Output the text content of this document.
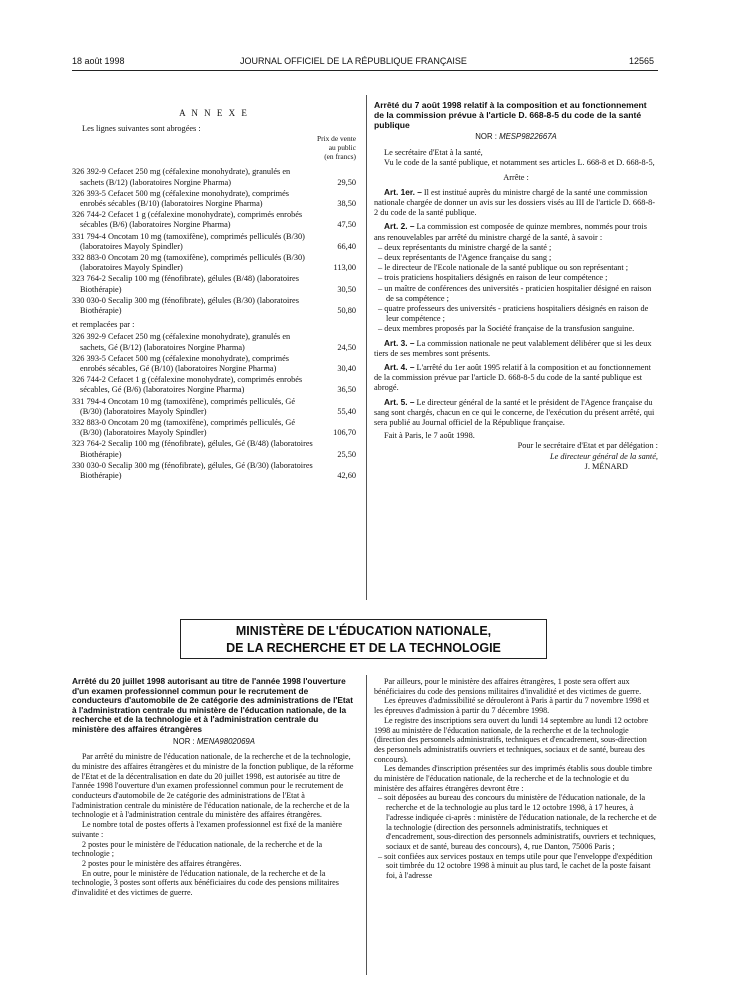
18 août 1998	JOURNAL OFFICIEL DE LA RÉPUBLIQUE FRANÇAISE	12565
A N N E X E

Les lignes suivantes sont abrogées :

Prix de vente
au public
(en francs)
326 392-9 Cefacet 250 mg (céfalexine monohydrate), granulés en sachets (B/12) (laboratoires Norgine Pharma)	29,50
326 393-5 Cefacet 500 mg (céfalexine monohydrate), comprimés enrobés sécables (B/10) (laboratoires Norgine Pharma)	38,50
326 744-2 Cefacet 1 g (céfalexine monohydrate), comprimés enrobés sécables (B/6) (laboratoires Norgine Pharma)	47,50
331 794-4 Oncotam 10 mg (tamoxifène), comprimés pelliculés (B/30) (laboratoires Mayoly Spindler)	66,40
332 883-0 Oncotam 20 mg (tamoxifène), comprimés pelliculés (B/30) (laboratoires Mayoly Spindler)	113,00
323 764-2 Secalip 100 mg (fénofibrate), gélules (B/48) (laboratoires Biothérapie)	30,50
330 030-0 Secalip 300 mg (fénofibrate), gélules (B/30) (laboratoires Biothérapie)	50,80

et remplacées par :

326 392-9 Cefacet 250 mg (céfalexine monohydrate), granulés en sachets, Gé (B/12) (laboratoires Norgine Pharma)	24,50
326 393-5 Cefacet 500 mg (céfalexine monohydrate), comprimés enrobés sécables, Gé (B/10) (laboratoires Norgine Pharma)	30,40
326 744-2 Cefacet 1 g (céfalexine monohydrate), comprimés enrobés sécables, Gé (B/6) (laboratoires Norgine Pharma)	36,50
331 794-4 Oncotam 10 mg (tamoxifène), comprimés pelliculés, Gé (B/30) (laboratoires Mayoly Spindler)	55,40
332 883-0 Oncotam 20 mg (tamoxifène), comprimés pelliculés, Gé (B/30) (laboratoires Mayoly Spindler)	106,70
323 764-2 Secalip 100 mg (fénofibrate), gélules, Gé (B/48) (laboratoires Biothérapie)	25,50
330 030-0 Secalip 300 mg (fénofibrate), gélules, Gé (B/30) (laboratoires Biothérapie)	42,60

Arrêté du 7 août 1998 relatif à la composition et au fonctionnement de la commission prévue à l'article D. 668-8-5 du code de la santé publique

NOR : MESP9822667A

Le secrétaire d'Etat à la santé,

Vu le code de la santé publique, et notamment ses articles L. 668-8 et D. 668-8-5,

Arrête :

Art. 1er. – Il est institué auprès du ministre chargé de la santé une commission nationale chargée de donner un avis sur les dossiers visés au III de l'article D. 668-8-2 du code de la santé publique.

Art. 2. – La commission est composée de quinze membres, nommés pour trois ans renouvelables par arrêté du ministre chargé de la santé, à savoir :

– deux représentants du ministre chargé de la santé ;

– deux représentants de l'Agence française du sang ;

– le directeur de l'Ecole nationale de la santé publique ou son représentant ;

– trois praticiens hospitaliers désignés en raison de leur compétence ;

– un maître de conférences des universités - praticien hospitalier désigné en raison de sa compétence ;

– quatre professeurs des universités - praticiens hospitaliers désignés en raison de leur compétence ;

– deux membres proposés par la Société française de la transfusion sanguine.

Art. 3. – La commission nationale ne peut valablement délibérer que si les deux tiers de ses membres sont présents.

Art. 4. – L'arrêté du 1er août 1995 relatif à la composition et au fonctionnement de la commission prévue par l'article D. 668-8-5 du code de la santé publique est abrogé.

Art. 5. – Le directeur général de la santé et le président de l'Agence française du sang sont chargés, chacun en ce qui le concerne, de l'exécution du présent arrêté, qui sera publié au Journal officiel de la République française.

Fait à Paris, le 7 août 1998.

Pour le secrétaire d'Etat et par délégation :

Le directeur général de la santé,

J. MÉNARD

MINISTÈRE DE L'ÉDUCATION NATIONALE,
DE LA RECHERCHE ET DE LA TECHNOLOGIE

Arrêté du 20 juillet 1998 autorisant au titre de l'année 1998 l'ouverture d'un examen professionnel commun pour le recrutement de conducteurs d'automobile de 2e catégorie des administrations de l'Etat à l'administration centrale du ministère de l'éducation nationale, de la recherche et de la technologie et à l'administration centrale du ministère des affaires étrangères

NOR : MENA9802069A

Par arrêté du ministre de l'éducation nationale, de la recherche et de la technologie, du ministre des affaires étrangères et du ministre de la fonction publique, de la réforme de l'Etat et de la décentralisation en date du 20 juillet 1998, est autorisée au titre de l'année 1998 l'ouverture d'un examen professionnel commun pour le recrutement de conducteurs d'automobile de 2e catégorie des administrations de l'Etat à l'administration centrale du ministère de l'éducation nationale, de la recherche et de la technologie et à l'administration centrale du ministère des affaires étrangères.

Le nombre total de postes offerts à l'examen professionnel est fixé de la manière suivante :

2 postes pour le ministère de l'éducation nationale, de la recherche et de la technologie ;

2 postes pour le ministère des affaires étrangères.

En outre, pour le ministère de l'éducation nationale, de la recherche et de la technologie, 3 postes sont offerts aux bénéficiaires du code des pensions militaires d'invalidité et des victimes de guerre.

Par ailleurs, pour le ministère des affaires étrangères, 1 poste sera offert aux bénéficiaires du code des pensions militaires d'invalidité et des victimes de guerre.

Les épreuves d'admissibilité se dérouleront à Paris à partir du 7 novembre 1998 et les épreuves d'admission à partir du 7 décembre 1998.

Le registre des inscriptions sera ouvert du lundi 14 septembre au lundi 12 octobre 1998 au ministère de l'éducation nationale, de la recherche et de la technologie (direction des personnels administratifs, techniques et d'encadrement, sous-direction des personnels administratifs ouvriers et techniques, sociaux et de santé, bureau des concours).

Les demandes d'inscription présentées sur des imprimés établis sous double timbre du ministère de l'éducation nationale, de la recherche et de la technologie et du ministère des affaires étrangères devront être :

– soit déposées au bureau des concours du ministère de l'éducation nationale, de la recherche et de la technologie au plus tard le 12 octobre 1998, à 17 heures, à l'adresse indiquée ci-après : ministère de l'éducation nationale, de la recherche et de la technologie (direction des personnels administratifs, techniques et d'encadrement, sous-direction des personnels administratifs, ouvriers et techniques, sociaux et de santé, bureau des concours), 4, rue Danton, 75006 Paris ;

– soit confiées aux services postaux en temps utile pour que l'enveloppe d'expédition soit timbrée du 12 octobre 1998 à minuit au plus tard, le cachet de la poste faisant foi, à l'adresse
